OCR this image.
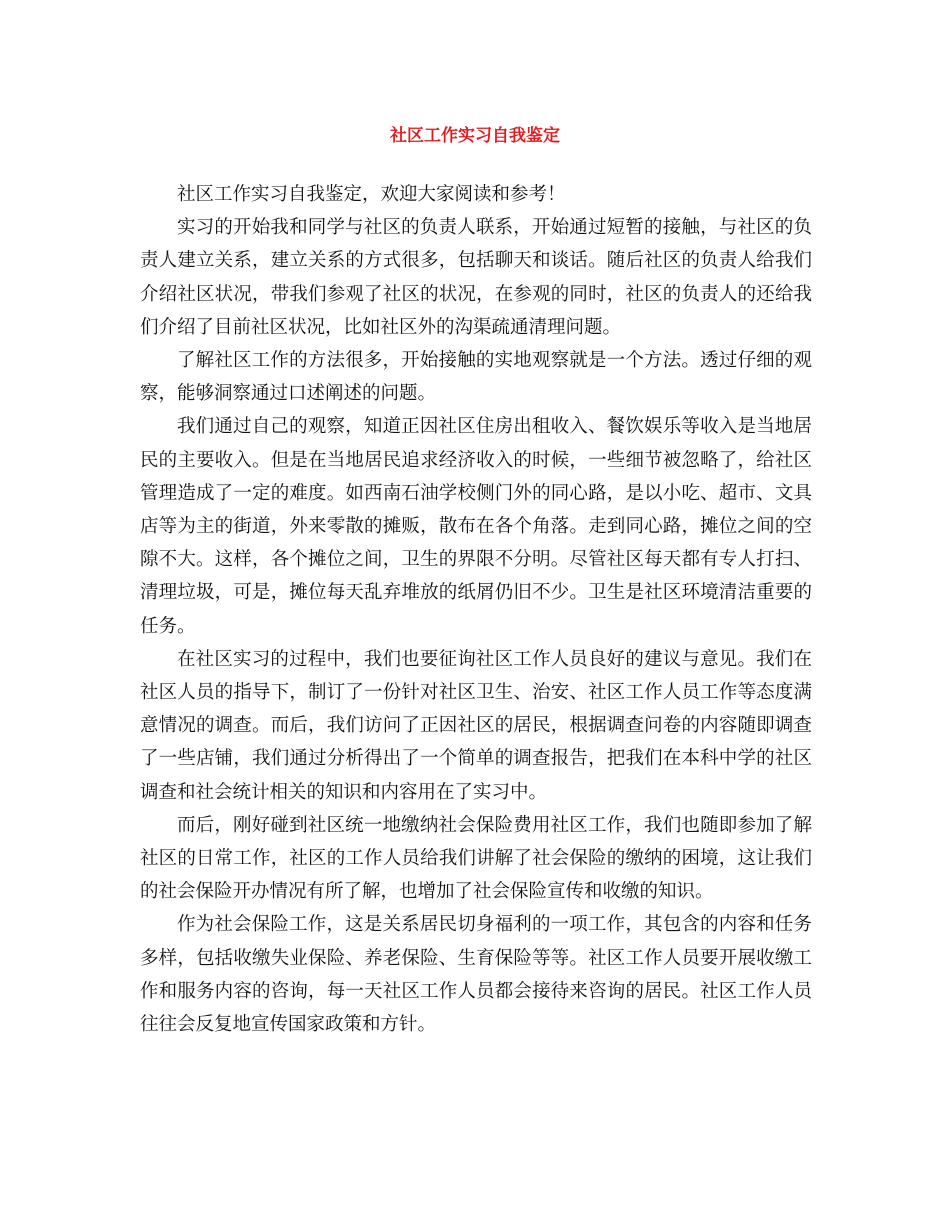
社区工作实习自我鉴定

社区工作实习自我鉴定，欢迎大家阅读和参考！

实习的开始我和同学与社区的负责人联系，开始通过短暂的接触，与社区的负责人建立关系，建立关系的方式很多，包括聊天和谈话。随后社区的负责人给我们介绍社区状况，带我们参观了社区的状况，在参观的同时，社区的负责人的还给我们介绍了目前社区状况，比如社区外的沟渠疏通清理问题。

了解社区工作的方法很多，开始接触的实地观察就是一个方法。透过仔细的观察，能够洞察通过口述阐述的问题。

我们通过自己的观察，知道正因社区住房出租收入、餐饮娱乐等收入是当地居民的主要收入。但是在当地居民追求经济收入的时候，一些细节被忽略了，给社区管理造成了一定的难度。如西南石油学校侧门外的同心路，是以小吃、超市、文具店等为主的街道，外来零散的摊贩，散布在各个角落。走到同心路，摊位之间的空隙不大。这样，各个摊位之间，卫生的界限不分明。尽管社区每天都有专人打扫、清理垃圾，可是，摊位每天乱弃堆放的纸屑仍旧不少。卫生是社区环境清洁重要的任务。

在社区实习的过程中，我们也要征询社区工作人员良好的建议与意见。我们在社区人员的指导下，制订了一份针对社区卫生、治安、社区工作人员工作等态度满意情况的调查。而后，我们访问了正因社区的居民，根据调查问卷的内容随即调查了一些店铺，我们通过分析得出了一个简单的调查报告，把我们在本科中学的社区调查和社会统计相关的知识和内容用在了实习中。

而后，刚好碰到社区统一地缴纳社会保险费用社区工作，我们也随即参加了解社区的日常工作，社区的工作人员给我们讲解了社会保险的缴纳的困境，这让我们的社会保险开办情况有所了解，也增加了社会保险宣传和收缴的知识。

作为社会保险工作，这是关系居民切身福利的一项工作，其包含的内容和任务多样，包括收缴失业保险、养老保险、生育保险等等。社区工作人员要开展收缴工作和服务内容的咨询，每一天社区工作人员都会接待来咨询的居民。社区工作人员往往会反复地宣传国家政策和方针。
